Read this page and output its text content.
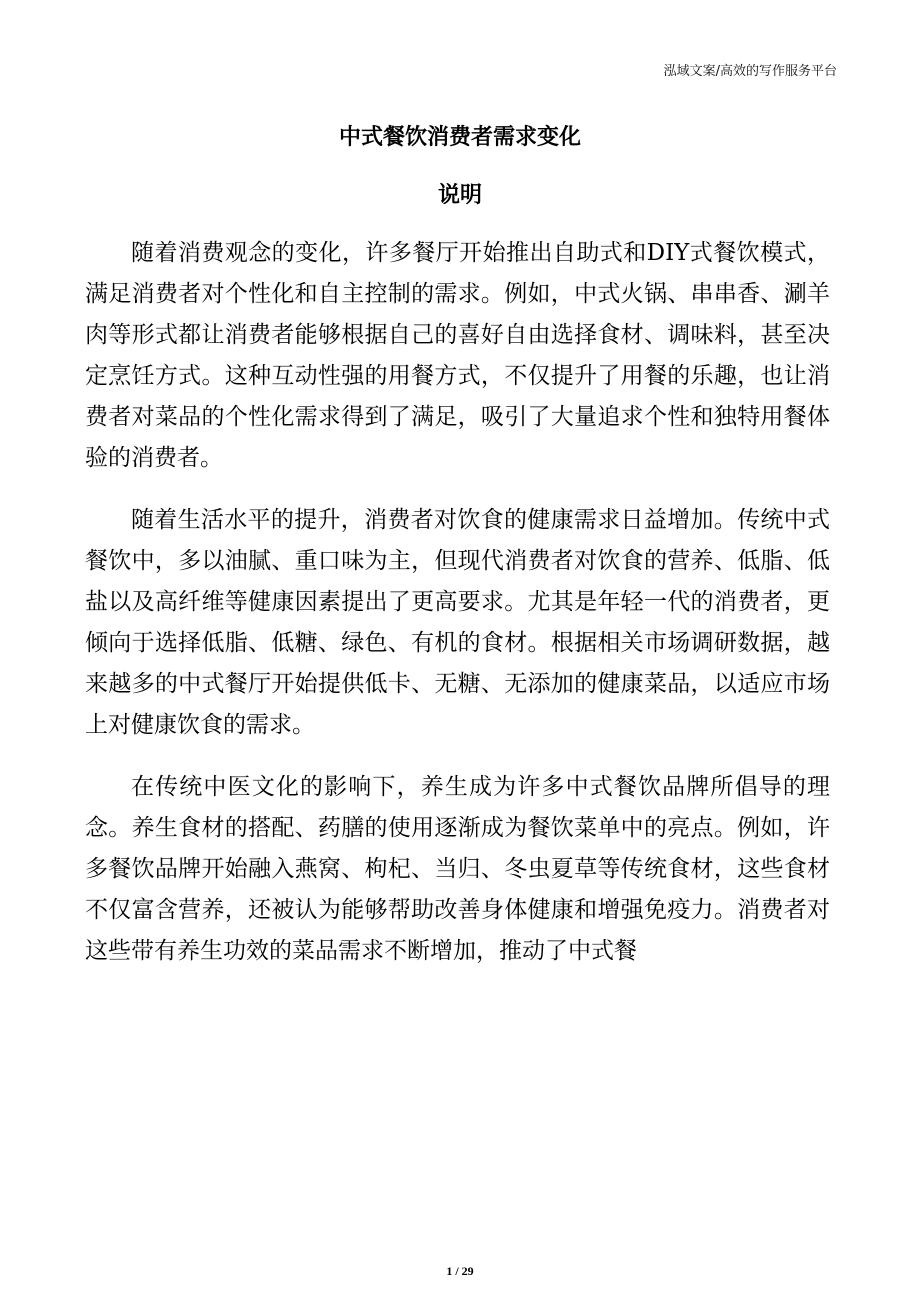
泓域文案/高效的写作服务平台
中式餐饮消费者需求变化
说明

随着消费观念的变化，许多餐厅开始推出自助式和DIY式餐饮模式，满足消费者对个性化和自主控制的需求。例如，中式火锅、串串香、涮羊肉等形式都让消费者能够根据自己的喜好自由选择食材、调味料，甚至决定烹饪方式。这种互动性强的用餐方式，不仅提升了用餐的乐趣，也让消费者对菜品的个性化需求得到了满足，吸引了大量追求个性和独特用餐体验的消费者。

随着生活水平的提升，消费者对饮食的健康需求日益增加。传统中式餐饮中，多以油腻、重口味为主，但现代消费者对饮食的营养、低脂、低盐以及高纤维等健康因素提出了更高要求。尤其是年轻一代的消费者，更倾向于选择低脂、低糖、绿色、有机的食材。根据相关市场调研数据，越来越多的中式餐厅开始提供低卡、无糖、无添加的健康菜品，以适应市场上对健康饮食的需求。

在传统中医文化的影响下，养生成为许多中式餐饮品牌所倡导的理念。养生食材的搭配、药膳的使用逐渐成为餐饮菜单中的亮点。例如，许多餐饮品牌开始融入燕窝、枸杞、当归、冬虫夏草等传统食材，这些食材不仅富含营养，还被认为能够帮助改善身体健康和增强免疫力。消费者对这些带有养生功效的菜品需求不断增加，推动了中式餐

1 / 29
